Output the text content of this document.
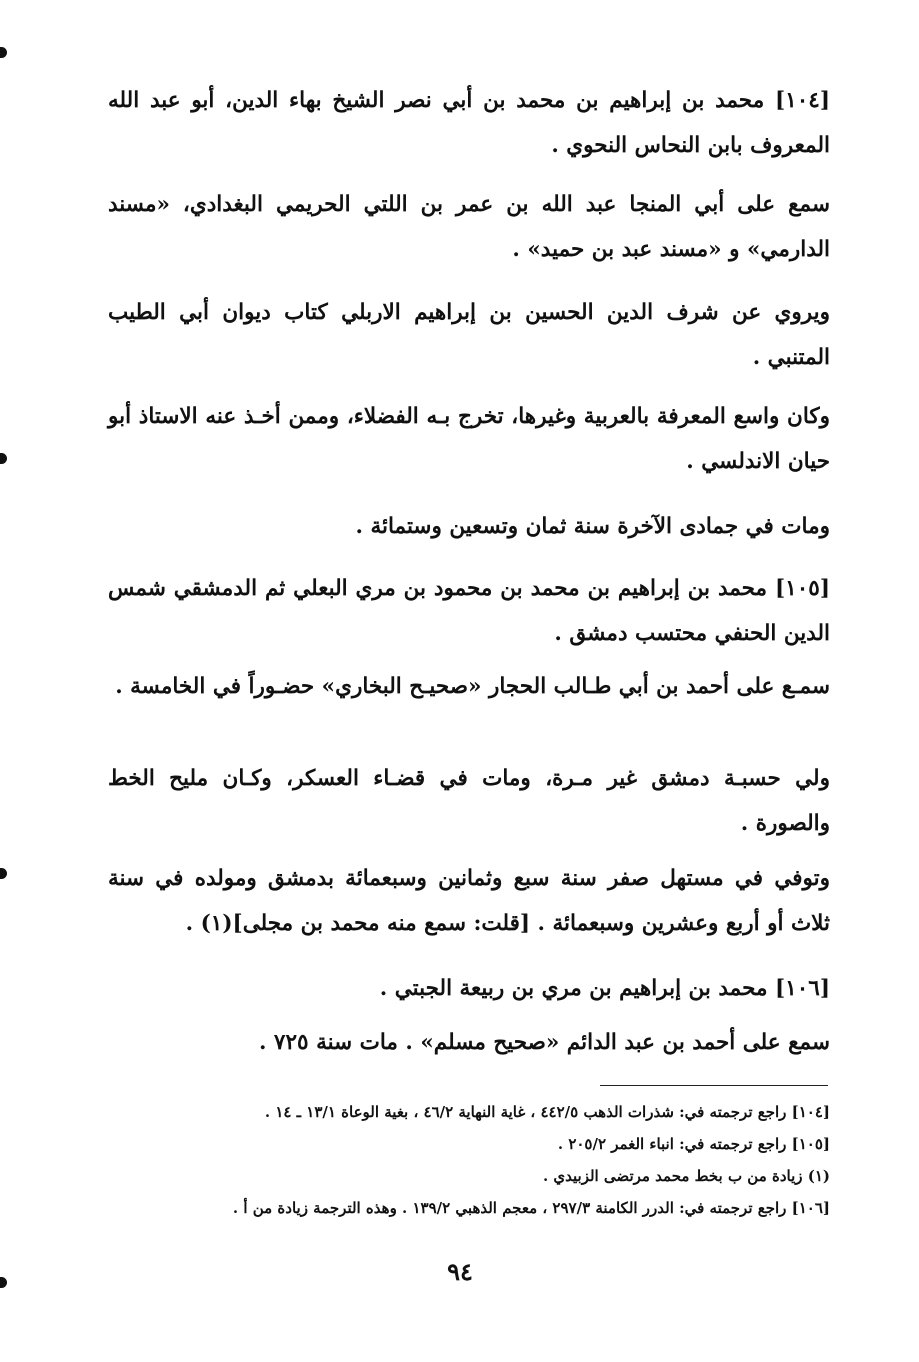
[١٠٤] محمد بن إبراهيم بن محمد بن أبي نصر الشيخ بهاء الدين، أبو عبد الله المعروف بابن النحاس النحوي .

سمع على أبي المنجا عبد الله بن عمر بن اللتي الحريمي البغدادي، «مسند الدارمي» و «مسند عبد بن حميد» .

ويروي عن شرف الدين الحسين بن إبراهيم الاربلي كتاب ديوان أبي الطيب المتنبي .

وكان واسع المعرفة بالعربية وغيرها، تخرج بـه الفضلاء، وممن أخـذ عنه الاستاذ أبو حيان الاندلسي .

ومات في جمادى الآخرة سنة ثمان وتسعين وستمائة .

[١٠٥] محمد بن إبراهيم بن محمد بن محمود بن مري البعلي ثم الدمشقي شمس الدين الحنفي محتسب دمشق .

سمـع على أحمد بن أبي طـالب الحجار «صحيـح البخاري» حضـوراً في الخامسة .

ولي حسبـة دمشق غير مـرة، ومات في قضـاء العسكر، وكـان مليح الخط والصورة .

وتوفي في مستهل صفر سنة سبع وثمانين وسبعمائة بدمشق ومولده في سنة ثلاث أو أربع وعشرين وسبعمائة . [قلت: سمع منه محمد بن مجلى](١) .

[١٠٦] محمد بن إبراهيم بن مري بن ربيعة الجبتي .

سمع على أحمد بن عبد الدائم «صحيح مسلم» . مات سنة ٧٢٥ .

[١٠٤] راجع ترجمته في: شذرات الذهب ٤٤٢/٥ ، غاية النهاية ٤٦/٢ ، بغية الوعاة ١٣/١ ـ ١٤ .

[١٠٥] راجع ترجمته في: انباء الغمر ٢٠٥/٢ .

(١) زيادة من ب بخط محمد مرتضى الزبيدي .

[١٠٦] راجع ترجمته في: الدرر الكامنة ٢٩٧/٣ ، معجم الذهبي ١٣٩/٢ . وهذه الترجمة زيادة من أ .

٩٤
